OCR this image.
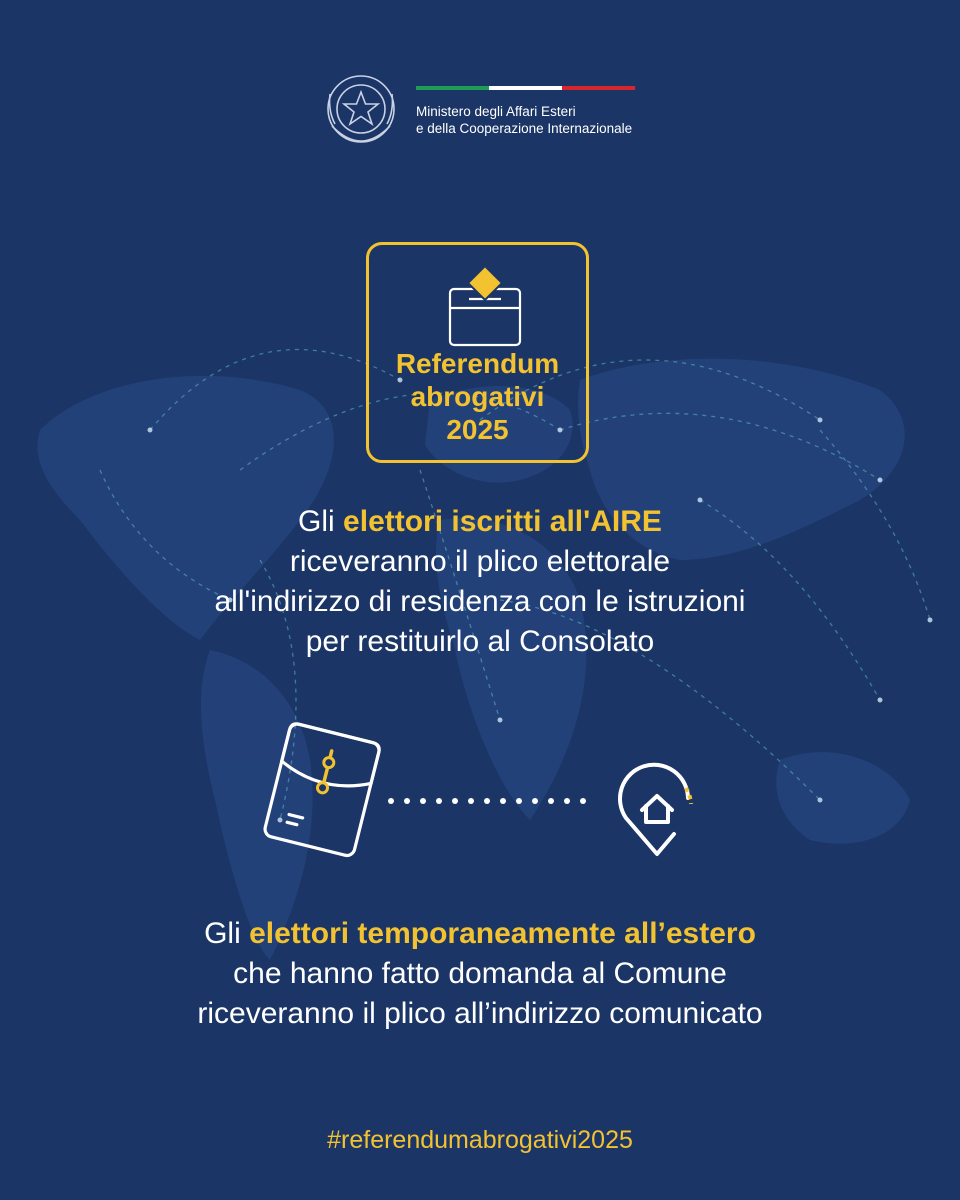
Ministero degli Affari Esteri
e della Cooperazione Internazionale
Referendum
abrogativi
2025
Gli elettori iscritti all'AIRE
riceveranno il plico elettorale
all'indirizzo di residenza con le istruzioni
per restituirlo al Consolato
Gli elettori temporaneamente all’estero
che hanno fatto domanda al Comune
riceveranno il plico all’indirizzo comunicato
#referendumabrogativi2025
